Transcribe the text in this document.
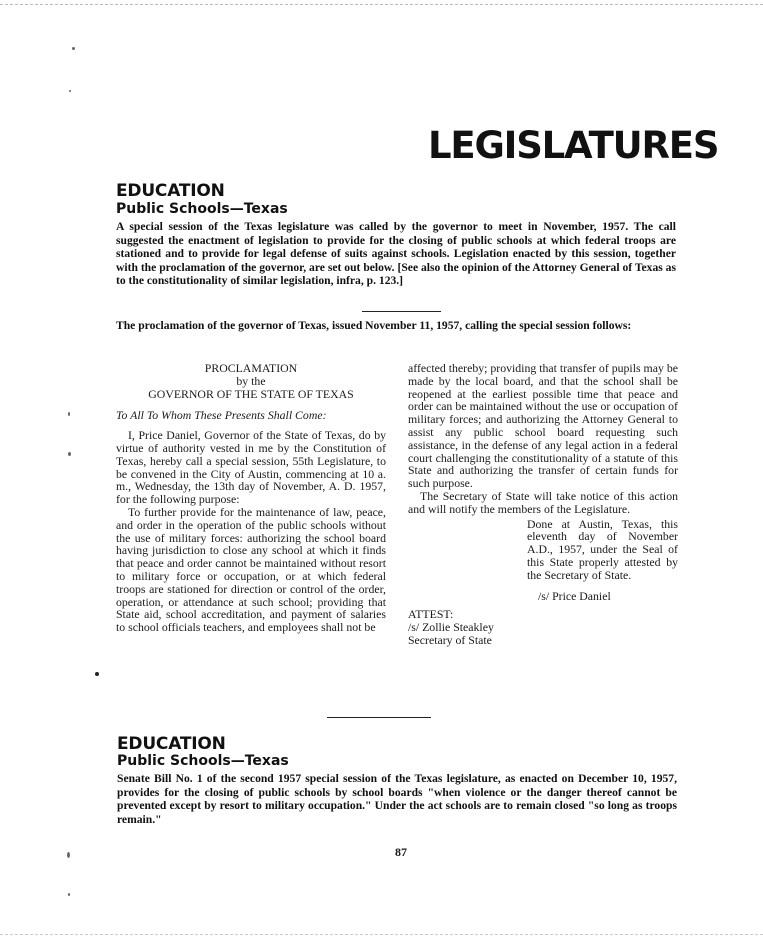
LEGISLATURES
EDUCATION
Public Schools—Texas
A special session of the Texas legislature was called by the governor to meet in November, 1957. The call suggested the enactment of legislation to provide for the closing of public schools at which federal troops are stationed and to provide for legal defense of suits against schools. Legislation enacted by this session, together with the proclamation of the governor, are set out below. [See also the opinion of the Attorney General of Texas as to the constitutionality of similar legislation, infra, p. 123.]
The proclamation of the governor of Texas, issued November 11, 1957, calling the special session follows:

PROCLAMATION

by the

GOVERNOR OF THE STATE OF TEXAS

To All To Whom These Presents Shall Come:

I, Price Daniel, Governor of the State of Texas, do by virtue of authority vested in me by the Constitution of Texas, hereby call a special session, 55th Legislature, to be convened in the City of Austin, commencing at 10 a. m., Wednesday, the 13th day of November, A. D. 1957, for the following purpose:

To further provide for the maintenance of law, peace, and order in the operation of the public schools without the use of military forces: authorizing the school board having jurisdiction to close any school at which it finds that peace and order cannot be maintained without resort to military force or occupation, or at which federal troops are stationed for direction or control of the order, operation, or attendance at such school; providing that State aid, school accreditation, and payment of salaries to school officials teachers, and employees shall not be

affected thereby; providing that transfer of pupils may be made by the local board, and that the school shall be reopened at the earliest possible time that peace and order can be maintained without the use or occupation of military forces; and authorizing the Attorney General to assist any public school board requesting such assistance, in the defense of any legal action in a federal court challenging the constitutionality of a statute of this State and authorizing the transfer of certain funds for such purpose.

The Secretary of State will take notice of this action and will notify the members of the Legislature.

Done at Austin, Texas, this eleventh day of November A.D., 1957, under the Seal of this State properly attested by the Secretary of State.

/s/ Price Daniel

ATTEST:

/s/ Zollie Steakley

Secretary of State

EDUCATION
Public Schools—Texas
Senate Bill No. 1 of the second 1957 special session of the Texas legislature, as enacted on December 10, 1957, provides for the closing of public schools by school boards "when violence or the danger thereof cannot be prevented except by resort to military occupation." Under the act schools are to remain closed "so long as troops remain."
87
